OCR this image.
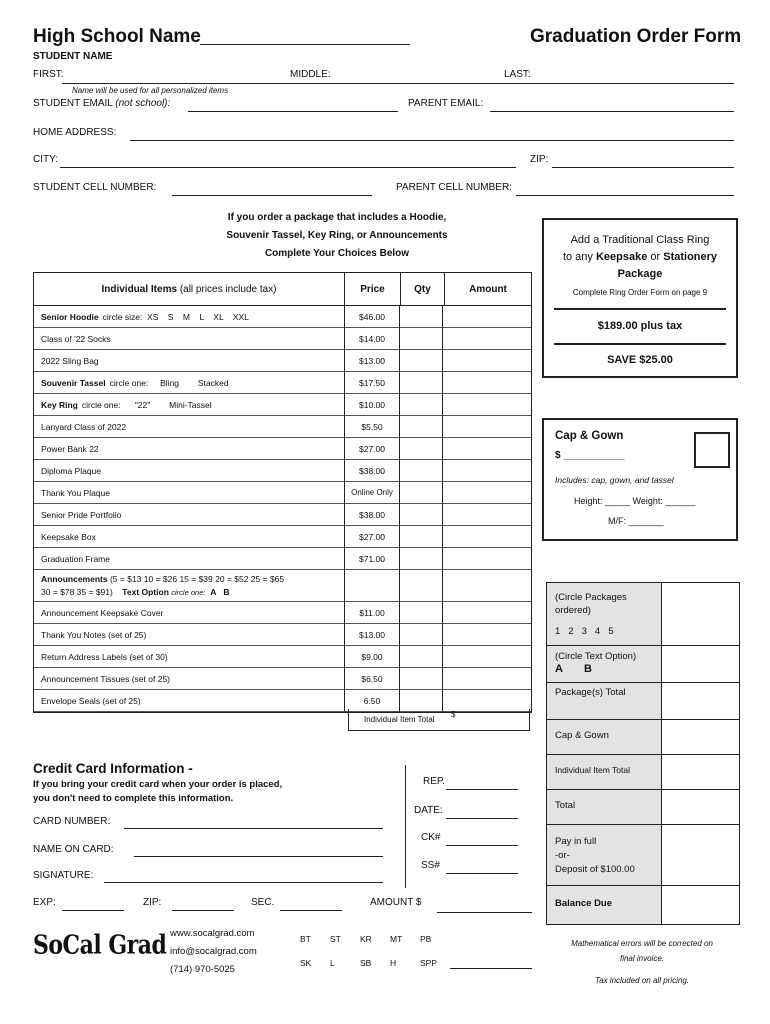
High School Name	Graduation Order Form
STUDENT NAME
FIRST:	MIDDLE:	LAST:
Name will be used for all personalized items
STUDENT EMAIL (not school):	PARENT EMAIL:
HOME ADDRESS:
CITY:	ZIP:
STUDENT CELL NUMBER:	PARENT CELL NUMBER:
If you order a package that includes a Hoodie,
Souvenir Tassel, Key Ring, or Announcements
Complete Your Choices Below
Individual Items (all prices include tax)	Price	Qty	Amount
Senior Hoodie circle size:  XS    S    M    L    XL    XXL	$46.00
Class of '22 Socks	$14.00
2022 Sling Bag	$13.00
Souvenir Tassel circle one:     Bling        Stacked	$17.50
Key Ring circle one:      "22"        Mini-Tassel	$10.00
Lanyard Class of 2022	$5.50
Power Bank 22	$27.00
Diploma Plaque	$38.00
Thank You Plaque	Online Only
Senior Pride Portfolio	$38.00
Keepsake Box	$27.00
Graduation Frame	$71.00
Announcements (5 = $13 10 = $26 15 = $39 20 = $52 25 = $65
30 = $78 35 = $91) Text Option circle one: A B
Announcement Keepsake Cover	$11.00
Thank You Notes (set of 25)	$13.00
Return Address Labels (set of 30)	$9.00
Announcement Tissues (set of 25)	$6.50
Envelope Seals (set of 25)	6.50
Individual Item Total
$
Add a Traditional Class Ring
to any Keepsake or Stationery
Package
Complete Ring Order Form on page 9
$189.00 plus tax
SAVE $25.00
Cap & Gown
$ ___________
Includes: cap, gown, and tassel
Height: _____ Weight: ______
M/F: _______
(Circle Packages ordered)
1 2 3 4 5
(Circle Text Option)
A B
Package(s) Total
Cap & Gown
Individual Item Total
Total
Pay in full
-or-
Deposit of $100.00
Balance Due
Credit Card Information -
If you bring your credit card when your order is placed,
you don't need to complete this information.
CARD NUMBER:
NAME ON CARD:
SIGNATURE:
EXP:	ZIP:	SEC.	AMOUNT $
REP.
DATE:
CK#
SS#
SoCal Grad www.socalgrad.com
info@socalgrad.com
(714) 970-5025
BT ST KR MT PB
SK L	SB H	SPP
Mathematical errors will be corrected on
final invoice.
Tax included on all pricing.
